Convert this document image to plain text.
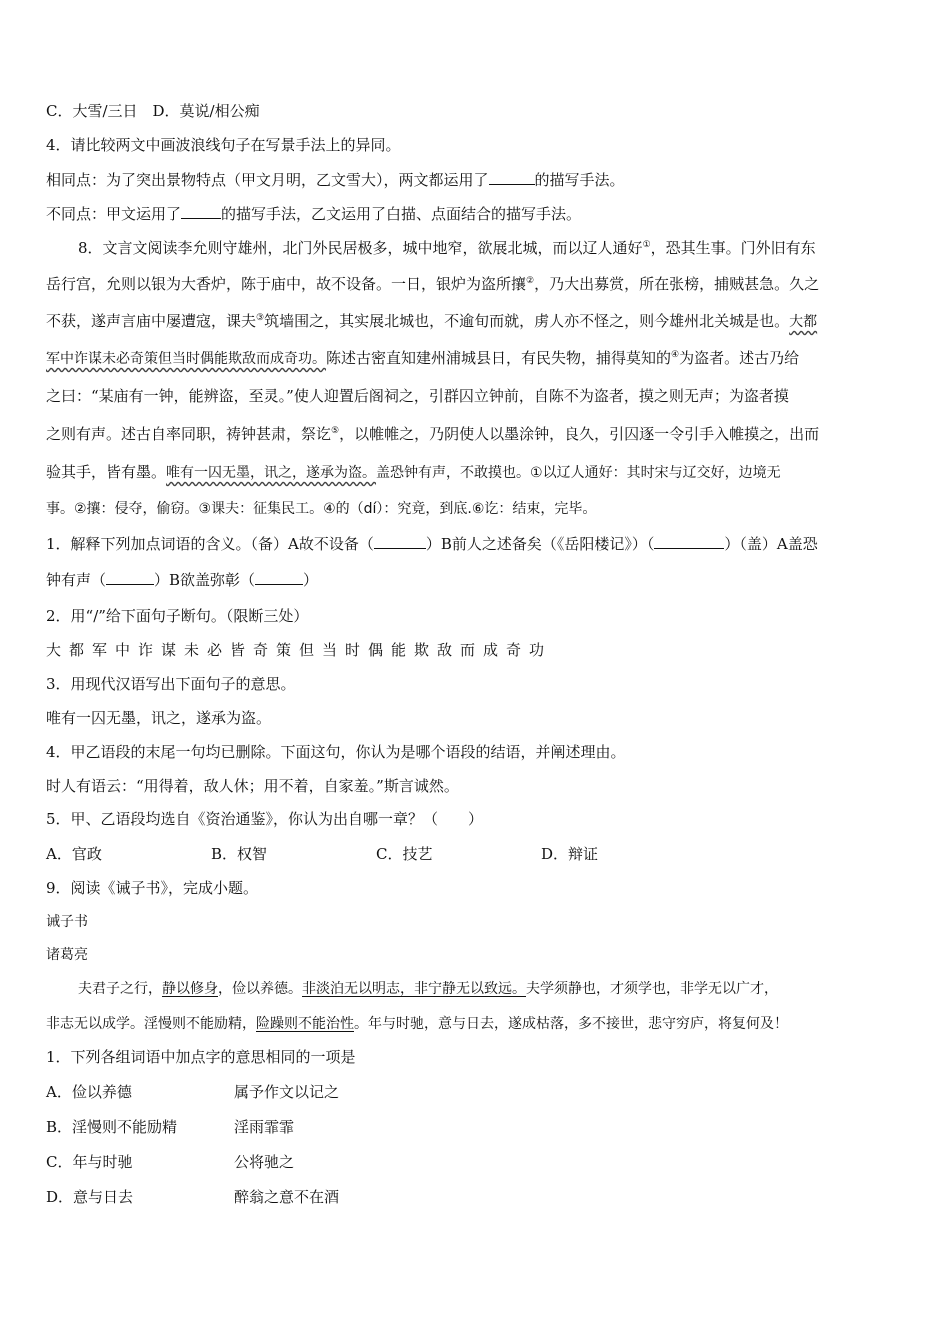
C．大雪/三日　D．莫说/相公痴
4．请比较两文中画波浪线句子在写景手法上的异同。
相同点：为了突出景物特点（甲文月明，乙文雪大），两文都运用了	的描写手法。
不同点：甲文运用了	的描写手法，乙文运用了白描、点面结合的描写手法。
8．文言文阅读李允则守雄州，北门外民居极多，城中地窄，欲展北城，而以辽人通好①，恐其生事。门外旧有东
岳行宫，允则以银为大香炉，陈于庙中，故不设备。一日，银炉为盗所攘②，乃大出募赏，所在张榜，捕贼甚急。久之
不获，遂声言庙中屡遭寇，课夫③筑墙围之，其实展北城也，不逾旬而就，虏人亦不怪之，则今雄州北关城是也。大都
军中诈谋未必奇策但当时偶能欺敌而成奇功。陈述古密直知建州浦城县日，有民失物，捕得莫知的④为盗者。述古乃给
之曰：“某庙有一钟，能辨盗，至灵。”使人迎置后阁祠之，引群囚立钟前，自陈不为盗者，摸之则无声；为盗者摸
之则有声。述古自率同职，祷钟甚肃，祭讫⑤，以帷帷之，乃阴使人以墨涂钟，良久，引囚逐一令引手入帷摸之，出而
验其手，皆有墨。唯有一囚无墨，讯之，遂承为盗。盖恐钟有声，不敢摸也。①以辽人通好：其时宋与辽交好，边境无
事。②攘：侵夺，偷窃。③课夫：征集民工。④的（dí）：究竟，到底.⑥讫：结束，完毕。
1．解释下列加点词语的含义。（备）A故不设备（	）B前人之述备矣（《岳阳楼记》）（	）（盖）A盖恐
钟有声（	）B欲盖弥彰（	）
2．用“/”给下面句子断句。（限断三处）
大都军中诈谋未必皆奇策但当时偶能欺敌而成奇功
3．用现代汉语写出下面句子的意思。
唯有一囚无墨，讯之，遂承为盗。
4．甲乙语段的末尾一句均已删除。下面这句，你认为是哪个语段的结语，并阐述理由。
时人有语云：“用得着，敌人休；用不着，自家羞。”斯言诚然。
5．甲、乙语段均选自《资治通鉴》，你认为出自哪一章？（　　）
A．官政	B．权智	C．技艺	D．辩证
9．阅读《诫子书》，完成小题。
诫子书
诸葛亮
夫君子之行，静以修身，俭以养德。非淡泊无以明志，非宁静无以致远。夫学须静也，才须学也，非学无以广才，
非志无以成学。淫慢则不能励精，险躁则不能治性。年与时驰，意与日去，遂成枯落，多不接世，悲守穷庐，将复何及！
1．下列各组词语中加点字的意思相同的一项是
A．俭以养德	属予作文以记之
B．淫慢则不能励精	淫雨霏霏
C．年与时驰	公将驰之
D．意与日去	醉翁之意不在酒
